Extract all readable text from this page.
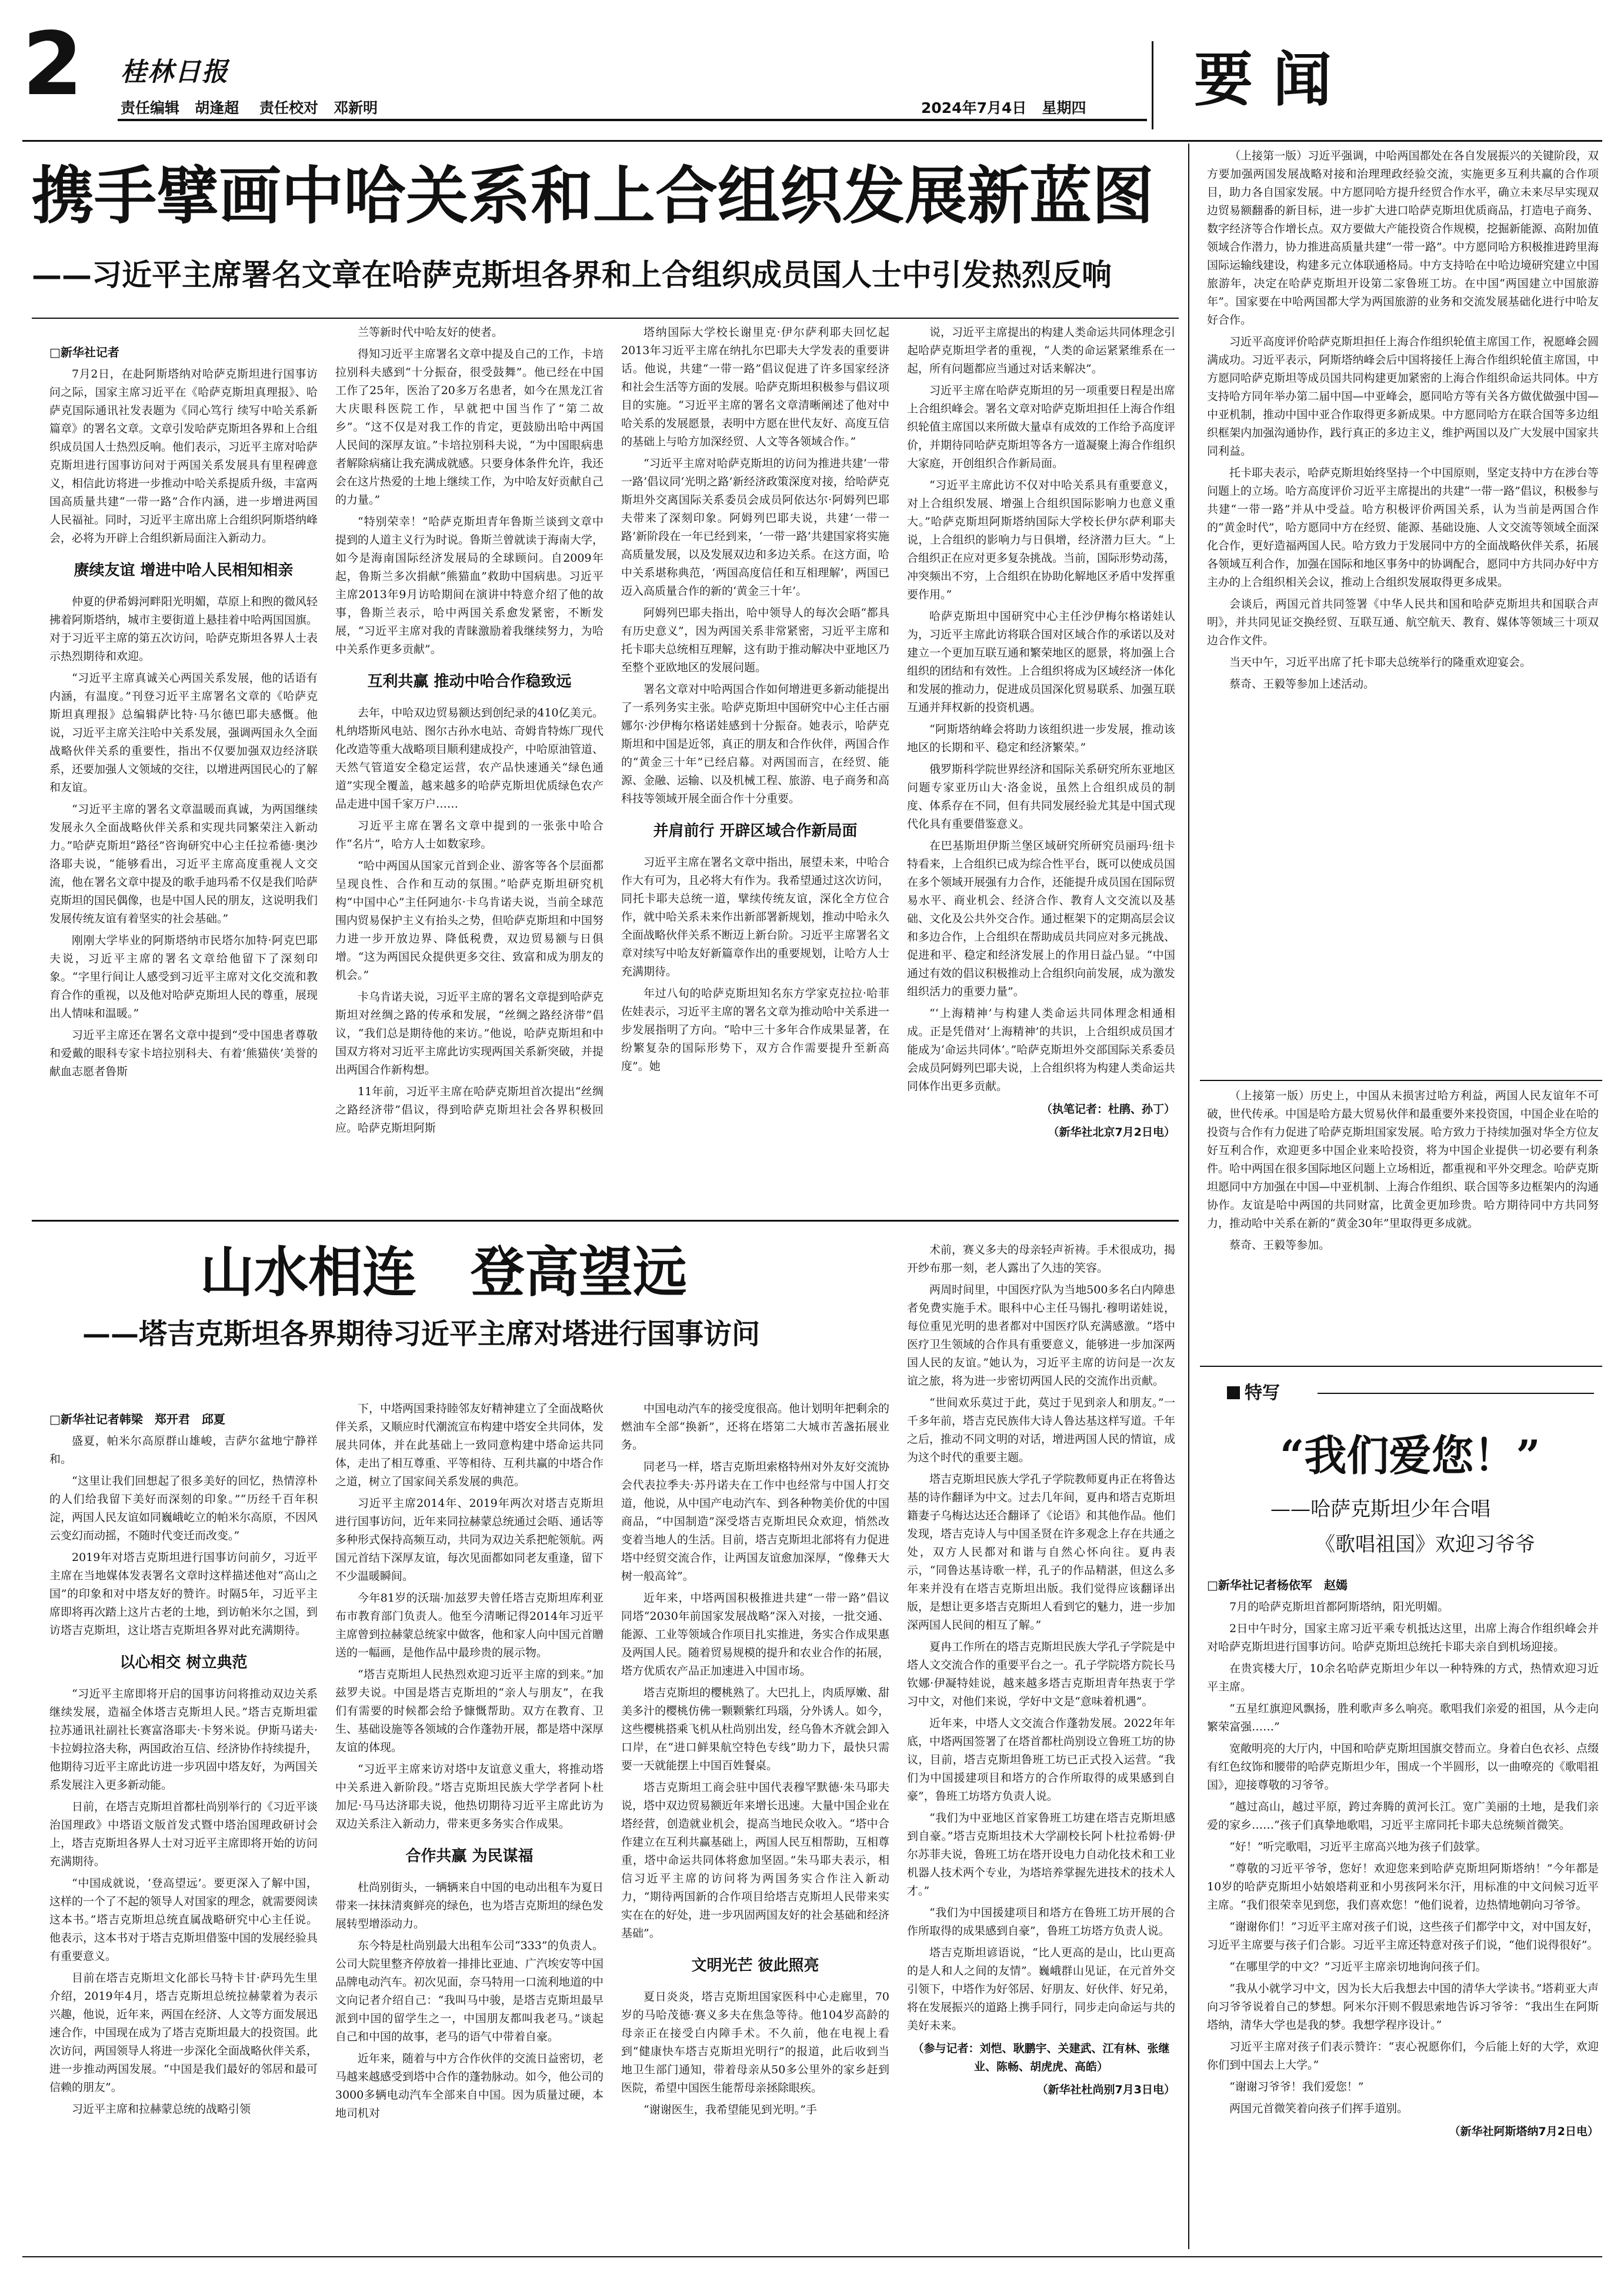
2 桂林日报
责任编辑 胡逢超 责任校对 邓新明	2024年7月4日 星期四 要闻
携手擘画中哈关系和上合组织发展新蓝图
——习近平主席署名文章在哈萨克斯坦各界和上合组织成员国人士中引发热烈反响

□新华社记者

7月2日，在赴阿斯塔纳对哈萨克斯坦进行国事访问之际，国家主席习近平在《哈萨克斯坦真理报》、哈萨克国际通讯社发表题为《同心笃行 续写中哈关系新篇章》的署名文章。文章引发哈萨克斯坦各界和上合组织成员国人士热烈反响。他们表示，习近平主席对哈萨克斯坦进行国事访问对于两国关系发展具有里程碑意义，相信此访将进一步推动中哈关系提质升级，丰富两国高质量共建“一带一路”合作内涵，进一步增进两国人民福祉。同时，习近平主席出席上合组织阿斯塔纳峰会，必将为开辟上合组织新局面注入新动力。

赓续友谊 增进中哈人民相知相亲

仲夏的伊希姆河畔阳光明媚，草原上和煦的微风轻拂着阿斯塔纳，城市主要街道上悬挂着中哈两国国旗。对于习近平主席的第五次访问，哈萨克斯坦各界人士表示热烈期待和欢迎。

“习近平主席真诚关心两国关系发展，他的话语有内涵，有温度。”刊登习近平主席署名文章的《哈萨克斯坦真理报》总编辑萨比特·马尔德巴耶夫感慨。他说，习近平主席关注哈中关系发展，强调两国永久全面战略伙伴关系的重要性，指出不仅要加强双边经济联系，还要加强人文领域的交往，以增进两国民心的了解和友谊。

“习近平主席的署名文章温暖而真诚，为两国继续发展永久全面战略伙伴关系和实现共同繁荣注入新动力。”哈萨克斯坦“路径”咨询研究中心主任拉希德·奥沙洛耶夫说，“能够看出，习近平主席高度重视人文交流，他在署名文章中提及的歌手迪玛希不仅是我们哈萨克斯坦的国民偶像，也是中国人民的朋友，这说明我们发展传统友谊有着坚实的社会基础。”

刚刚大学毕业的阿斯塔纳市民塔尔加特·阿克巴耶夫说，习近平主席的署名文章给他留下了深刻印象。“字里行间让人感受到习近平主席对文化交流和教育合作的重视，以及他对哈萨克斯坦人民的尊重，展现出人情味和温暖。”

习近平主席还在署名文章中提到“受中国患者尊敬和爱戴的眼科专家卡培拉别科夫、有着‘熊猫侠’美誉的献血志愿者鲁斯

兰等新时代中哈友好的使者。

得知习近平主席署名文章中提及自己的工作，卡培拉别科夫感到“十分振奋，很受鼓舞”。他已经在中国工作了25年，医治了20多万名患者，如今在黑龙江省大庆眼科医院工作，早就把中国当作了“第二故乡”。“这不仅是对我工作的肯定，更鼓励出哈中两国人民间的深厚友谊。”卡培拉别科夫说，“为中国眼病患者解除病痛让我充满成就感。只要身体条件允许，我还会在这片热爱的土地上继续工作，为中哈友好贡献自己的力量。”

“特别荣幸！”哈萨克斯坦青年鲁斯兰谈到文章中提到的人道主义行为时说。鲁斯兰曾就读于海南大学，如今是海南国际经济发展局的全球顾问。自2009年起，鲁斯兰多次捐献“熊猫血”救助中国病患。习近平主席2013年9月访哈期间在演讲中特意介绍了他的故事，鲁斯兰表示，哈中两国关系愈发紧密，不断发展，“习近平主席对我的青睐激励着我继续努力，为哈中关系作更多贡献”。

互利共赢 推动中哈合作稳致远

去年，中哈双边贸易额达到创纪录的410亿美元。札纳塔斯风电站、图尔古孙水电站、奇姆肯特炼厂现代化改造等重大战略项目顺利建成投产，中哈原油管道、天然气管道安全稳定运营，农产品快速通关“绿色通道”实现全覆盖，越来越多的哈萨克斯坦优质绿色农产品走进中国千家万户……

习近平主席在署名文章中提到的一张张中哈合作“名片”，哈方人士如数家珍。

“哈中两国从国家元首到企业、游客等各个层面都呈现良性、合作和互动的氛围。”哈萨克斯坦研究机构“中国中心”主任阿迪尔·卡乌肯诺夫说，当前全球范围内贸易保护主义有抬头之势，但哈萨克斯坦和中国努力进一步开放边界、降低税费，双边贸易额与日俱增。“这为两国民众提供更多交往、致富和成为朋友的机会。”

卡乌肯诺夫说，习近平主席的署名文章提到哈萨克斯坦对丝绸之路的传承和发展，“丝绸之路经济带”倡议，“我们总是期待他的来访。”他说，哈萨克斯坦和中国双方将对习近平主席此访实现两国关系新突破，并提出两国合作新构想。

11年前，习近平主席在哈萨克斯坦首次提出“丝绸之路经济带”倡议，得到哈萨克斯坦社会各界积极回应。哈萨克斯坦阿斯

塔纳国际大学校长谢里克·伊尔萨利耶夫回忆起2013年习近平主席在纳扎尔巴耶夫大学发表的重要讲话。他说，共建“一带一路”倡议促进了许多国家经济和社会生活等方面的发展。哈萨克斯坦积极参与倡议项目的实施。“习近平主席的署名文章清晰阐述了他对中哈关系的发展愿景，表明中方愿在世代友好、高度互信的基础上与哈方加深经贸、人文等各领域合作。”

“习近平主席对哈萨克斯坦的访问为推进共建‘一带一路’倡议同‘光明之路’新经济政策深度对接，给哈萨克斯坦外交离国际关系委员会成员阿依达尔·阿姆列巴耶夫带来了深刻印象。阿姆列巴耶夫说，共建‘一带一路’新阶段在一年已经到来，‘一带一路’共建国家将实施高质量发展，以及发展双边和多边关系。在这方面，哈中关系堪称典范，‘两国高度信任和互相理解’，两国已迈入高质量合作的新的‘黄金三十年’。

阿姆列巴耶夫指出，哈中领导人的每次会晤“都具有历史意义”，因为两国关系非常紧密，习近平主席和托卡耶夫总统相互理解，这有助于推动解决中亚地区乃至整个亚欧地区的发展问题。

署名文章对中哈两国合作如何增进更多新动能提出了一系列务实主张。哈萨克斯坦中国研究中心主任古丽娜尔·沙伊梅尔格诺娃感到十分振奋。她表示，哈萨克斯坦和中国是近邻，真正的朋友和合作伙伴，两国合作的“黄金三十年”已经启幕。对两国而言，在经贸、能源、金融、运输、以及机械工程、旅游、电子商务和高科技等领域开展全面合作十分重要。

并肩前行 开辟区域合作新局面

习近平主席在署名文章中指出，展望未来，中哈合作大有可为，且必将大有作为。我希望通过这次访问，同托卡耶夫总统一道，擘续传统友谊，深化全方位合作，就中哈关系未来作出新部署新规划，推动中哈永久全面战略伙伴关系不断迈上新台阶。习近平主席署名文章对续写中哈友好新篇章作出的重要规划，让哈方人士充满期待。

年过八旬的哈萨克斯坦知名东方学家克拉拉·哈菲佐娃表示，习近平主席的署名文章为推动哈中关系进一步发展指明了方向。“哈中三十多年合作成果显著，在纷繁复杂的国际形势下，双方合作需要提升至新高度”。她

说，习近平主席提出的构建人类命运共同体理念引起哈萨克斯坦学者的重视，“人类的命运紧紧维系在一起，所有问题都应当通过对话来解决”。

习近平主席在哈萨克斯坦的另一项重要日程是出席上合组织峰会。署名文章对哈萨克斯坦担任上海合作组织轮值主席国以来所做大量卓有成效的工作给予高度评价，并期待同哈萨克斯坦等各方一道凝聚上海合作组织大家庭，开创组织合作新局面。

“习近平主席此访不仅对中哈关系具有重要意义，对上合组织发展、增强上合组织国际影响力也意义重大。”哈萨克斯坦阿斯塔纳国际大学校长伊尔萨利耶夫说，上合组织的影响力与日俱增，经济潜力巨大。“上合组织正在应对更多复杂挑战。当前，国际形势动荡，冲突频出不穷，上合组织在协助化解地区矛盾中发挥重要作用。”

哈萨克斯坦中国研究中心主任沙伊梅尔格诺娃认为，习近平主席此访将联合国对区域合作的承诺以及对建立一个更加互联互通和繁荣地区的愿景，将加强上合组织的团结和有效性。上合组织将成为区域经济一体化和发展的推动力，促进成员国深化贸易联系、加强互联互通并拜权新的投资机遇。

“阿斯塔纳峰会将助力该组织进一步发展，推动该地区的长期和平、稳定和经济繁荣。”

俄罗斯科学院世界经济和国际关系研究所东亚地区问题专家亚历山大·洛金说，虽然上合组织成员的制度、体系存在不同，但有共同发展经验尤其是中国式现代化具有重要借鉴意义。

在巴基斯坦伊斯兰堡区域研究所研究员丽玛·纽卡特看来，上合组织已成为综合性平台，既可以使成员国在多个领域开展强有力合作，还能提升成员国在国际贸易水平、商业机会、经济合作、教育人文交流以及基础、文化及公共外交合作。通过框架下的定期高层会议和多边合作，上合组织在帮助成员共同应对多元挑战、促进和平、稳定和经济发展上的作用日益凸显。“中国通过有效的倡议积极推动上合组织向前发展，成为激发组织活力的重要力量”。

“‘上海精神’与构建人类命运共同体理念相通相成。正是凭借对‘上海精神’的共识，上合组织成员国才能成为‘命运共同体’。”哈萨克斯坦外交部国际关系委员会成员阿姆列巴耶夫说，上合组织将为构建人类命运共同体作出更多贡献。

（执笔记者：杜鹃、孙丁）
（新华社北京7月2日电）

（上接第一版）习近平强调，中哈两国都处在各自发展振兴的关键阶段，双方要加强两国发展战略对接和治理理政经验交流，实施更多互利共赢的合作项目，助力各自国家发展。中方愿同哈方提升经贸合作水平，确立未来尽早实现双边贸易额翻番的新目标，进一步扩大进口哈萨克斯坦优质商品，打造电子商务、数字经济等合作增长点。双方要做大产能投资合作规模，挖掘新能源、高附加值领域合作潜力，协力推进高质量共建“一带一路”。中方愿同哈方积极推进跨里海国际运输线建设，构建多元立体联通格局。中方支持哈在中哈边境研究建立中国旅游年，决定在哈萨克斯坦开设第二家鲁班工坊。在中国“两国建立中国旅游年”。国家要在中哈两国都大学为两国旅游的业务和交流发展基础化进行中哈友好合作。

习近平高度评价哈萨克斯坦担任上海合作组织轮值主席国工作，祝愿峰会圆满成功。习近平表示，阿斯塔纳峰会后中国将接任上海合作组织轮值主席国，中方愿同哈萨克斯坦等成员国共同构建更加紧密的上海合作组织命运共同体。中方支持哈方同年举办第二届中国—中亚峰会，愿同哈方等有关各方做优做强中国—中亚机制，推动中国中亚合作取得更多新成果。中方愿同哈方在联合国等多边组织框架内加强沟通协作，践行真正的多边主义，维护两国以及广大发展中国家共同利益。

托卡耶夫表示，哈萨克斯坦始终坚持一个中国原则，坚定支持中方在涉台等问题上的立场。哈方高度评价习近平主席提出的共建“一带一路”倡议，积极参与共建“一带一路”并从中受益。哈方积极评价两国关系，认为当前是两国合作的“黄金时代”，哈方愿同中方在经贸、能源、基础设施、人文交流等领域全面深化合作，更好造福两国人民。哈方致力于发展同中方的全面战略伙伴关系，拓展各领域互利合作，加强在国际和地区事务中的协调配合，愿同中方共同办好中方主办的上合组织相关会议，推动上合组织发展取得更多成果。

会谈后，两国元首共同签署《中华人民共和国和哈萨克斯坦共和国联合声明》，并共同见证交换经贸、互联互通、航空航天、教育、媒体等领域三十项双边合作文件。

当天中午，习近平出席了托卡耶夫总统举行的隆重欢迎宴会。

蔡奇、王毅等参加上述活动。

（上接第一版）历史上，中国从未损害过哈方利益，两国人民友谊年不可破，世代传承。中国是哈方最大贸易伙伴和最重要外来投资国，中国企业在哈的投资与合作有力促进了哈萨克斯坦国家发展。哈方致力于持续加强对华全方位友好互利合作，欢迎更多中国企业来哈投资，将为中国企业提供一切必要有利条件。哈中两国在很多国际地区问题上立场相近，都重视和平外交理念。哈萨克斯坦愿同中方加强在中国—中亚机制、上海合作组织、联合国等多边框架内的沟通协作。友谊是哈中两国的共同财富，比黄金更加珍贵。哈方期待同中方共同努力，推动哈中关系在新的“黄金30年”里取得更多成就。

蔡奇、王毅等参加。

特写
“我们爱您！”
——哈萨克斯坦少年合唱
《歌唱祖国》欢迎习爷爷

□新华社记者杨依军　赵嫣

7月的哈萨克斯坦首都阿斯塔纳，阳光明媚。

2日中午时分，国家主席习近平乘专机抵达这里，出席上海合作组织峰会并对哈萨克斯坦进行国事访问。哈萨克斯坦总统托卡耶夫亲自到机场迎接。

在贵宾楼大厅，10余名哈萨克斯坦少年以一种特殊的方式，热情欢迎习近平主席。

“五星红旗迎风飘扬，胜利歌声多么响亮。歌唱我们亲爱的祖国，从今走向繁荣富强……”

宽敞明亮的大厅内，中国和哈萨克斯坦国旗交替而立。身着白色衣衫、点缀有红色纹饰和腰带的哈萨克斯坦少年，围成一个半圆形，以一曲嘹亮的《歌唱祖国》，迎接尊敬的习爷爷。

“越过高山，越过平原，跨过奔腾的黄河长江。宽广美丽的土地，是我们亲爱的家乡……”孩子们真挚地歌唱，习近平主席同托卡耶夫总统频首微笑。

“好！”听完歌唱，习近平主席高兴地为孩子们鼓掌。

“尊敬的习近平爷爷，您好！欢迎您来到哈萨克斯坦阿斯塔纳！”今年都是10岁的哈萨克斯坦小姑娘塔莉亚和小男孩阿米尔汗，用标准的中文问候习近平主席。“我们很荣幸见到您，我们喜欢您！”他们说着，边热情地朝向习爷爷。

“谢谢你们！”习近平主席对孩子们说，这些孩子们都学中文，对中国友好，习近平主席要与孩子们合影。习近平主席还特意对孩子们说，“他们说得很好”。

“在哪里学的中文？”习近平主席亲切地询问孩子们。

“我从小就学习中文，因为长大后我想去中国的清华大学读书。”塔莉亚大声向习爷爷说着自己的梦想。阿米尔汗则不假思索地告诉习爷爷：“我出生在阿斯塔纳，清华大学也是我的梦。我想学程序设计。”

习近平主席对孩子们表示赞许：“衷心祝愿你们，今后能上好的大学，欢迎你们到中国去上大学。”

“谢谢习爷爷！我们爱您！”

两国元首微笑着向孩子们挥手道别。

（新华社阿斯塔纳7月2日电）
山水相连　登高望远
——塔吉克斯坦各界期待习近平主席对塔进行国事访问

□新华社记者韩梁　郑开君　邱夏

盛夏，帕米尔高原群山雄峻，吉萨尔盆地宁静祥和。

“这里让我们回想起了很多美好的回忆，热情淳朴的人们给我留下美好而深刻的印象。”“历经千百年积淀，两国人民友谊如同巍峨屹立的帕米尔高原，不因风云变幻而动摇，不随时代变迁而改变。”

2019年对塔吉克斯坦进行国事访问前夕，习近平主席在当地媒体发表署名文章时这样描述他对“高山之国”的印象和对中塔友好的赞许。时隔5年，习近平主席即将再次踏上这片古老的土地，到访帕米尔之国，到访塔吉克斯坦，这让塔吉克斯坦各界对此充满期待。

以心相交 树立典范

“习近平主席即将开启的国事访问将推动双边关系继续发展，造福全体塔吉克斯坦人民。”塔吉克斯坦霍拉苏通讯社副社长赛富洛耶夫·卡努米说。伊斯马诺夫·卡拉姆拉洛夫称，两国政治互信、经济协作持续提升，他期待习近平主席此访进一步巩固中塔友好，为两国关系发展注入更多新动能。

日前，在塔吉克斯坦首都杜尚别举行的《习近平谈治国理政》中塔语文版首发式暨中塔治国理政研讨会上，塔吉克斯坦各界人士对习近平主席即将开始的访问充满期待。

“中国成就说，‘登高望远’。要更深入了解中国，这样的一个了不起的领导人对国家的理念，就需要阅读这本书。”塔吉克斯坦总统直属战略研究中心主任说。他表示，这本书对于塔吉克斯坦借鉴中国的发展经验具有重要意义。

目前在塔吉克斯坦文化部长马特卡甘·萨玛先生里介绍，2019年4月，塔吉克斯坦总统拉赫蒙着为表示兴趣，他说，近年来，两国在经济、人文等方面发展迅速合作，中国现在成为了塔吉克斯坦最大的投资国。此次访问，两国领导人将进一步深化全面战略伙伴关系，进一步推动两国发展。“中国是我们最好的邻居和最可信赖的朋友”。

习近平主席和拉赫蒙总统的战略引领

下，中塔两国秉持睦邻友好精神建立了全面战略伙伴关系，又顺应时代潮流宣布构建中塔安全共同体，发展共同体，并在此基础上一致同意构建中塔命运共同体，走出了相互尊重、平等相待、互利共赢的中塔合作之道，树立了国家间关系发展的典范。

习近平主席2014年、2019年两次对塔吉克斯坦进行国事访问，近年来同拉赫蒙总统通过会晤、通话等多种形式保持高频互动，共同为双边关系把舵领航。两国元首结下深厚友谊，每次见面都如同老友重逢，留下不少温暖瞬间。

今年81岁的沃瑞·加兹罗夫曾任塔吉克斯坦库利亚布市教育部门负责人。他至今清晰记得2014年习近平主席曾到拉赫蒙总统家中做客，他和家人向中国元首贈送的一幅画，是他作品中最珍贵的展示物。

“塔吉克斯坦人民热烈欢迎习近平主席的到来。”加兹罗夫说。中国是塔吉克斯坦的“亲人与朋友”，在我们有需要的时候都会给予慷慨帮助。双方在教育、卫生、基础设施等各领域的合作蓬勃开展，都是塔中深厚友谊的体现。

“习近平主席来访对塔中友谊意义重大，将推动塔中关系进入新阶段。”塔吉克斯坦民族大学学者阿卜杜加尼·马马达济耶夫说，他热切期待习近平主席此访为双边关系注入新动力，带来更多务实合作成果。

合作共赢 为民谋福

杜尚别街头，一辆辆来自中国的电动出租车为夏日带来一抹抹清爽鲜亮的绿色，也为塔吉克斯坦的绿色发展转型增添动力。

东今特是杜尚别最大出租车公司“333”的负责人。公司大院里整齐停放着一排排比亚迪、广汽埃安等中国品牌电动汽车。初次见面，奈马特用一口流利地道的中文向记者介绍自己：“我叫马中骏，是塔吉克斯坦最早派到中国的留学生之一，中国朋友都叫我老马。”谈起自己和中国的故事，老马的语气中带着自豪。

近年来，随着与中方合作伙伴的交流日益密切，老马越来越感受到塔中合作的蓬勃脉动。如今，他公司的3000多辆电动汽车全部来自中国。因为质量过硬，本地司机对

中国电动汽车的接受度很高。他计划明年把剩余的燃油车全部“换新”，还将在塔第二大城市苦盏拓展业务。

同老马一样，塔吉克斯坦索格特州对外友好交流协会代表拉季夫·苏丹诺夫在工作中也经常与中国人打交道，他说，从中国产电动汽车、到各种物美价优的中国商品，“中国制造”深受塔吉克斯坦民众欢迎，悄然改变着当地人的生活。目前，塔吉克斯坦北部将有力促进塔中经贸交流合作，让两国友谊愈加深厚，“像彝天大树一般高耸”。

近年来，中塔两国积极推进共建“一带一路”倡议同塔“2030年前国家发展战略”深入对接，一批交通、能源、工业等领域合作项目扎实推进，务实合作成果惠及两国人民。随着贸易规模的提升和农业合作的拓展，塔方优质农产品正加速进入中国市场。

塔吉克斯坦的樱桃熟了。大巴扎上，肉质厚嫩、甜美多汁的樱桃仿佛一颗颗紫红玛瑙，分外诱人。如今，这些樱桃搭乘飞机从杜尚别出发，经乌鲁木齐就会卸入口岸，在“进口鲜果航空特色专线”助力下，最快只需要一天就能摆上中国百姓餐桌。

塔吉克斯坦工商会驻中国代表穆罕默德·朱马耶夫说，塔中双边贸易额近年来增长迅速。大量中国企业在塔经营，创造就业机会，提高当地民众收入。“塔中合作建立在互利共赢基础上，两国人民互相帮助，互相尊重，塔中命运共同体将愈加坚固。”朱马耶夫表示，相信习近平主席的访问将为两国务实合作注入新动力，“期待两国新的合作项目给塔吉克斯坦人民带来实实在在的好处，进一步巩固两国友好的社会基础和经济基础”。

文明光芒 彼此照亮

夏日炎炎，塔吉克斯坦国家医科中心走廊里，70岁的马哈茂德·赛义多夫在焦急等待。他104岁高龄的母亲正在接受白内障手术。不久前，他在电视上看到“健康快车塔吉克斯坦光明行”的报道，此后收到当地卫生部门通知，带着母亲从50多公里外的家乡赶到医院，希望中国医生能帮母亲拯除眼疾。

“谢谢医生，我希望能见到光明。”手

术前，赛义多夫的母亲轻声祈祷。手术很成功，揭开纱布那一刻，老人露出了久违的笑容。

两周时间里，中国医疗队为当地500多名白内障患者免费实施手术。眼科中心主任马锡扎·穆明诺娃说，每位重见光明的患者都对中国医疗队充满感激。“塔中医疗卫生领域的合作具有重要意义，能够进一步加深两国人民的友谊。”她认为，习近平主席的访问是一次友谊之旅，将为进一步密切两国人民的交流作出贡献。

“世间欢乐莫过于此，莫过于见到亲人和朋友。”一千多年前，塔吉克民族伟大诗人鲁达基这样写道。千年之后，推动不同文明的对话，增进两国人民的情谊，成为这个时代的重要主题。

塔吉克斯坦民族大学孔子学院教师夏冉正在将鲁达基的诗作翻译为中文。过去几年间，夏冉和塔吉克斯坦籍妻子乌梅达达还合翻译了《论语》和其他作品。他们发现，塔吉克诗人与中国圣贤在许多观念上存在共通之处，双方人民都对和谐与自然心怀向往。夏冉表示，“同鲁达基诗歌一样，孔子的作品精湛，但这么多年来并没有在塔吉克斯坦出版。我们觉得应该翻译出版，是想让更多塔吉克斯坦人看到它的魅力，进一步加深两国人民间的相互了解。”

夏冉工作所在的塔吉克斯坦民族大学孔子学院是中塔人文交流合作的重要平台之一。孔子学院塔方院长马钦娜·伊凝特娃说，越来越多塔吉克斯坦青年热衷于学习中文，对他们来说，学好中文是“意味着机遇”。

近年来，中塔人文交流合作蓬勃发展。2022年年底，中塔两国签署了在塔首都杜尚别设立鲁班工坊的协议，目前，塔吉克斯坦鲁班工坊已正式投入运营。“我们为中国援建项目和塔方的合作所取得的成果感到自豪”，鲁班工坊塔方负责人说。

“我们为中亚地区首家鲁班工坊建在塔吉克斯坦感到自豪。”塔吉克斯坦技术大学副校长阿卜杜拉希姆·伊尔苏菲夫说，鲁班工坊在塔开设电力自动化技术和工业机器人技术两个专业，为塔培养掌握先进技术的技术人才。”

“我们为中国援建项目和塔方在鲁班工坊开展的合作所取得的成果感到自豪”，鲁班工坊塔方负责人说。

塔吉克斯坦谚语说，“比人更高的是山，比山更高的是人和人之间的友情”。巍峨群山见证，在元首外交引领下，中塔作为好邻居、好朋友、好伙伴、好兄弟，将在发展振兴的道路上携手同行，同步走向命运与共的美好未来。

（参与记者：刘恺、耿鹏宇、关建武、江有林、张继业、陈畅、胡虎虎、高皓）
（新华社杜尚别7月3日电）
